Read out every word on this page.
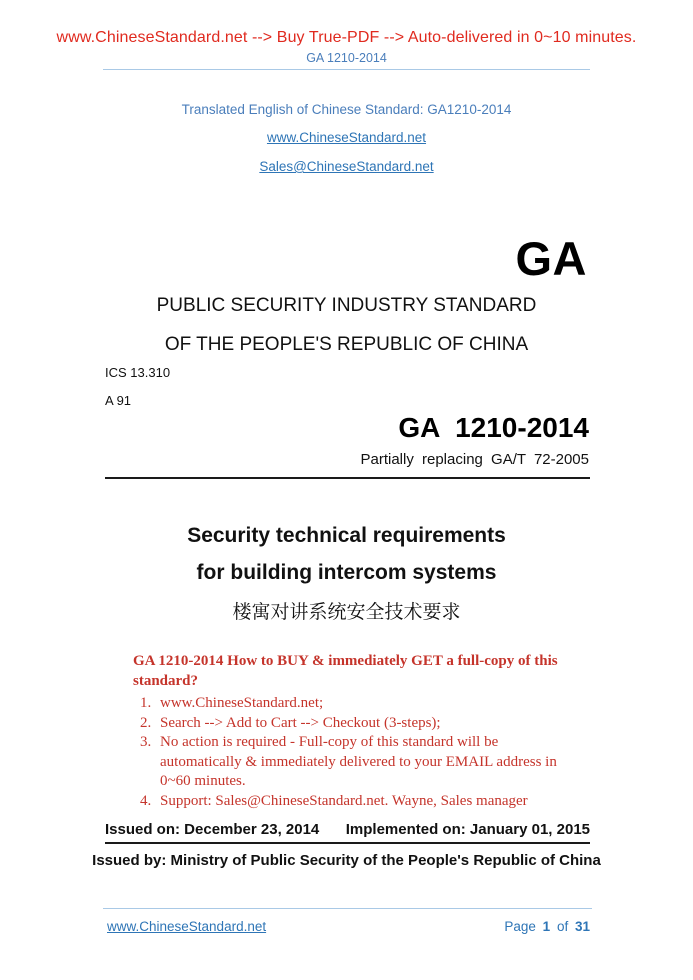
www.ChineseStandard.net --> Buy True-PDF --> Auto-delivered in 0~10 minutes.
GA 1210-2014
Translated English of Chinese Standard: GA1210-2014
www.ChineseStandard.net
Sales@ChineseStandard.net
GA
PUBLIC SECURITY INDUSTRY STANDARD
OF THE PEOPLE'S REPUBLIC OF CHINA
ICS 13.310
A 91
GA 1210-2014
Partially replacing GA/T 72-2005
Security technical requirements
for building intercom systems
楼寓对讲系统安全技术要求
GA 1210-2014 How to BUY & immediately GET a full-copy of this standard?
1. www.ChineseStandard.net;
2. Search --> Add to Cart --> Checkout (3-steps);
3. No action is required - Full-copy of this standard will be automatically & immediately delivered to your EMAIL address in 0~60 minutes.
4. Support: Sales@ChineseStandard.net. Wayne, Sales manager
Issued on: December 23, 2014 Implemented on: January 01, 2015
Issued by: Ministry of Public Security of the People's Republic of China
www.ChineseStandard.net	Page 1 of 31
